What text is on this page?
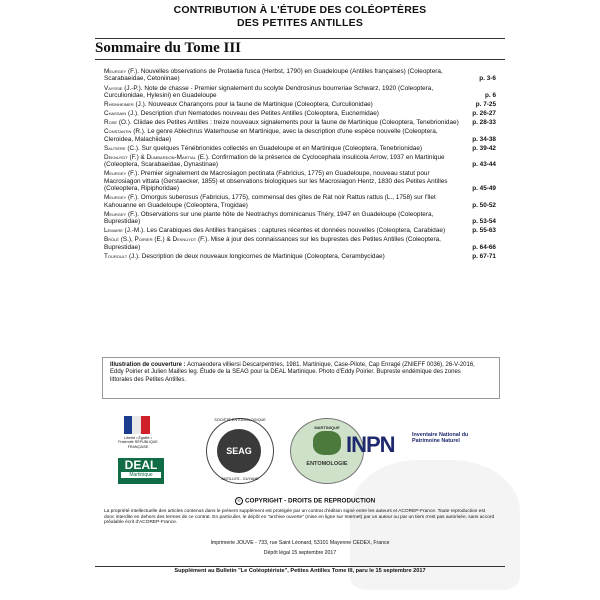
CONTRIBUTION À L'ÉTUDE DES COLÉOPTÈRES
DES PETITES ANTILLES
Sommaire du Tome III
Meurgey (F.). Nouvelles observations de Protaetia fusca (Herbst, 1790) en Guadeloupe (Antilles françaises) (Coleoptera, Scarabaeidae, Cetoniinae)	p. 3-6
Vayssie (J.-P.). Note de chasse - Premier signalement du scolyte Dendrosinus bourreriae Schwarz, 1920 (Coleoptera, Curculionidae, Hylesini) en Guadeloupe	p. 6
Rheinheimer (J.). Nouveaux Charançons pour la faune de Martinique (Coleoptera, Curculionidae)	p. 7-25
Chassain (J.). Description d'un Nematodes nouveau des Petites Antilles (Coleoptera, Eucnemidae)	p. 26-27
Rose (O.). Cliidae des Petites Antilles : treize nouveaux signalements pour la faune de Martinique (Coleoptera, Tenebrionidae) p. 28-33
Constantin (R.). Le genre Ablechrus Waterhouse en Martinique, avec la description d'une espèce nouvelle (Coleoptera, Cleroidea, Malachiidae)	p. 34-38
Sautière (C.). Sur quelques Ténébrionides collectés en Guadeloupe et en Martinique (Coleoptera, Tenebrionidae)	p. 39-42
Deknuydt (F.) & Dumbardon-Martial (E.). Confirmation de la présence de Cyclocephala insulicola Arrow, 1937 en Martinique (Coleoptera, Scarabaeidae, Dynastinae)	p. 43-44
Meurgey (F.). Premier signalement de Macrosiagon pectinata (Fabricius, 1775) en Guadeloupe, nouveau statut pour Macrosiagon vittata (Gerstaecker, 1855) et observations biologiques sur les Macrosiagon Hentz, 1830 des Petites Antilles (Coleoptera, Ripiphoridae)	p. 45-49
Meurgey (F.). Omorgus suberosus (Fabricius, 1775), commensal des gîtes de Rat noir Rattus rattus (L., 1758) sur l'îlet Kahouanne en Guadeloupe (Coleoptera, Trogidae)	p. 50-52
Meurgey (F.). Observations sur une plante hôte de Neotrachys dominicanus Théry, 1947 en Guadeloupe (Coleoptera, Buprestidae)	p. 53-54
Lemaire (J.-M.). Les Carabiques des Antilles françaises : captures récentes et données nouvelles (Coleoptera, Carabidae)	p. 55-63
Brûlé (S.), Poirier (E.) & Deknuydt (F.). Mise à jour des connaissances sur les buprestes des Petites Antilles (Coleoptera, Buprestidae)	p. 64-66
Touroult (J.). Description de deux nouveaux longicornes de Martinique (Coleoptera, Cerambycidae)	p. 67-71
Illustration de couverture : Acmaeodera villiersi Descarpentries, 1981. Martinique, Case-Pilote, Cap Enragé (ZNIEFF 0036), 26-V-2016, Eddy Poirier et Julien Mailles leg. Étude de la SEAG pour la DEAL Martinique. Photo d'Eddy Poirier. Bupreste endémique des zones littorales des Petites Antilles.
Liberté • Égalité • Fraternité RÉPUBLIQUE FRANÇAISE
DEAL
Martinique
SOCIÉTÉ ENTOMOLOGIQUE
SEAG
ANTILLES - GUYANE
MARTINIQUE
ENTOMOLOGIE
INPN	Inventaire National du Patrimoine Naturel
© COPYRIGHT - DROITS DE REPRODUCTION
La propriété intellectuelle des articles contenus dans le présent supplément est protégée par un contrat d'édition signé entre les auteurs et ACOREP-France. Toute reproduction est donc interdite en dehors des termes de ce contrat. En particulier, le dépôt en "archive ouverte" (mise en ligne sur Internet) par un auteur ou par un tiers n'est pas autorisée, sans accord préalable écrit d'ACOREP-France.
Imprimerie JOUVE - 733, rue Saint Léonard, 53101 Mayenne CEDEX, France
Dépôt légal 15 septembre 2017
Supplément au Bulletin "Le Coléoptériste", Petites Antilles Tome III, paru le 15 septembre 2017
